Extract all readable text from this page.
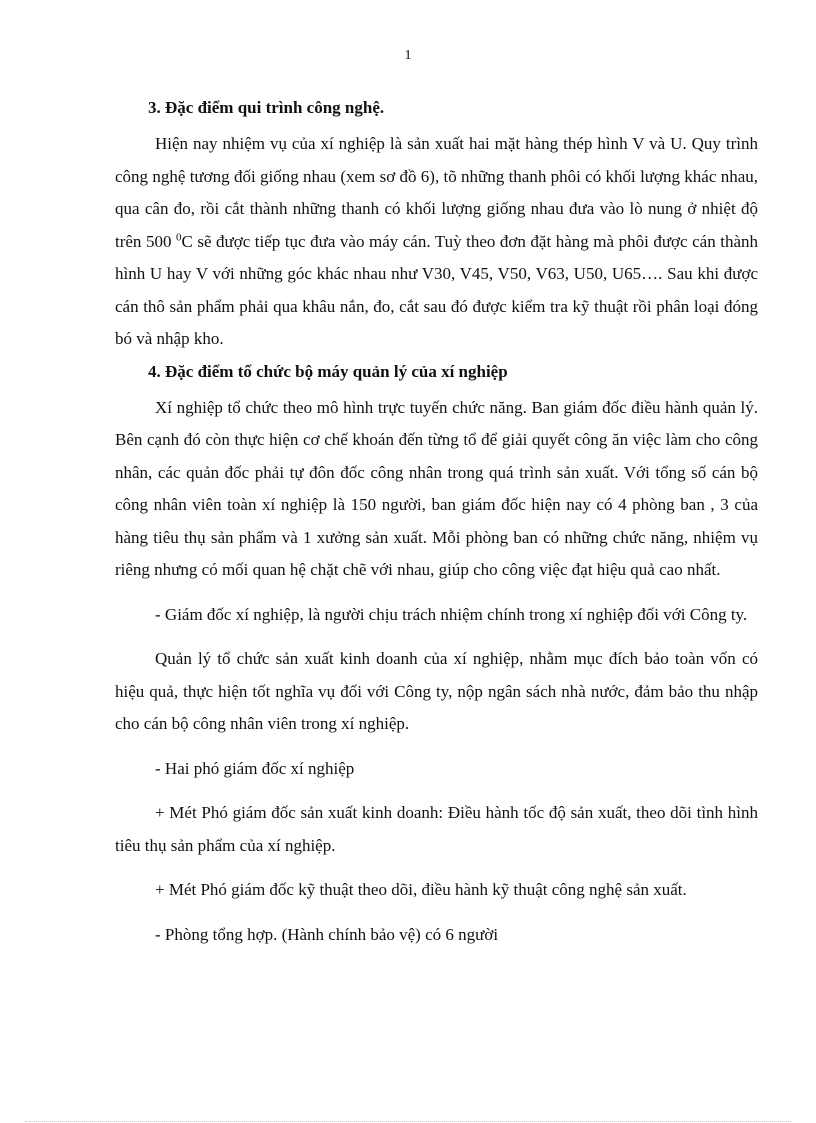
1

3. Đặc điểm qui trình công nghệ.

Hiện nay nhiệm vụ của xí nghiệp là sản xuất hai mặt hàng thép hình V và U. Quy trình công nghệ tương đối giống nhau (xem sơ đồ 6), tõ những thanh phôi có khối lượng khác nhau, qua cân đo, rồi cắt thành những thanh có khối lượng giống nhau đưa vào lò nung ở nhiệt độ trên 500 $^0$C sẽ được tiếp tục đưa vào máy cán. Tuỳ theo đơn đặt hàng mà phôi được cán thành hình U hay V với những góc khác nhau như V30, V45, V50, V63, U50, U65…. Sau khi được cán thô sản phẩm phải qua khâu nắn, đo, cắt sau đó được kiểm tra kỹ thuật rồi phân loại đóng bó và nhập kho.

4. Đặc điểm tổ chức bộ máy quản lý của xí nghiệp

Xí nghiệp tổ chức theo mô hình trực tuyến chức năng. Ban giám đốc điều hành quản lý. Bên cạnh đó còn thực hiện cơ chế khoán đến từng tổ để giải quyết công ăn việc làm cho công nhân, các quản đốc phải tự đôn đốc công nhân trong quá trình sản xuất. Với tổng số cán bộ công nhân viên toàn xí nghiệp là 150 người, ban giám đốc hiện nay có 4 phòng ban , 3 của hàng tiêu thụ sản phẩm và 1 xưởng sản xuất. Mỗi phòng ban có những chức năng, nhiệm vụ riêng nhưng có mối quan hệ chặt chẽ với nhau, giúp cho công việc đạt hiệu quả cao nhất.

- Giám đốc xí nghiệp, là người chịu trách nhiệm chính trong xí nghiệp đối với Công ty.

Quản lý tổ chức sản xuất kinh doanh của xí nghiệp, nhằm mục đích bảo toàn vốn có hiệu quả, thực hiện tốt nghĩa vụ đối với Công ty, nộp ngân sách nhà nước, đảm bảo thu nhập cho cán bộ công nhân viên trong xí nghiệp.

- Hai phó giám đốc xí nghiệp

+ Mét Phó giám đốc sản xuất kinh doanh: Điều hành tốc độ sản xuất, theo dõi tình hình tiêu thụ sản phẩm của xí nghiệp.

+ Mét Phó giám đốc kỹ thuật theo dõi, điều hành kỹ thuật công nghệ sản xuất.

- Phòng tổng hợp. (Hành chính bảo vệ) có 6 người
